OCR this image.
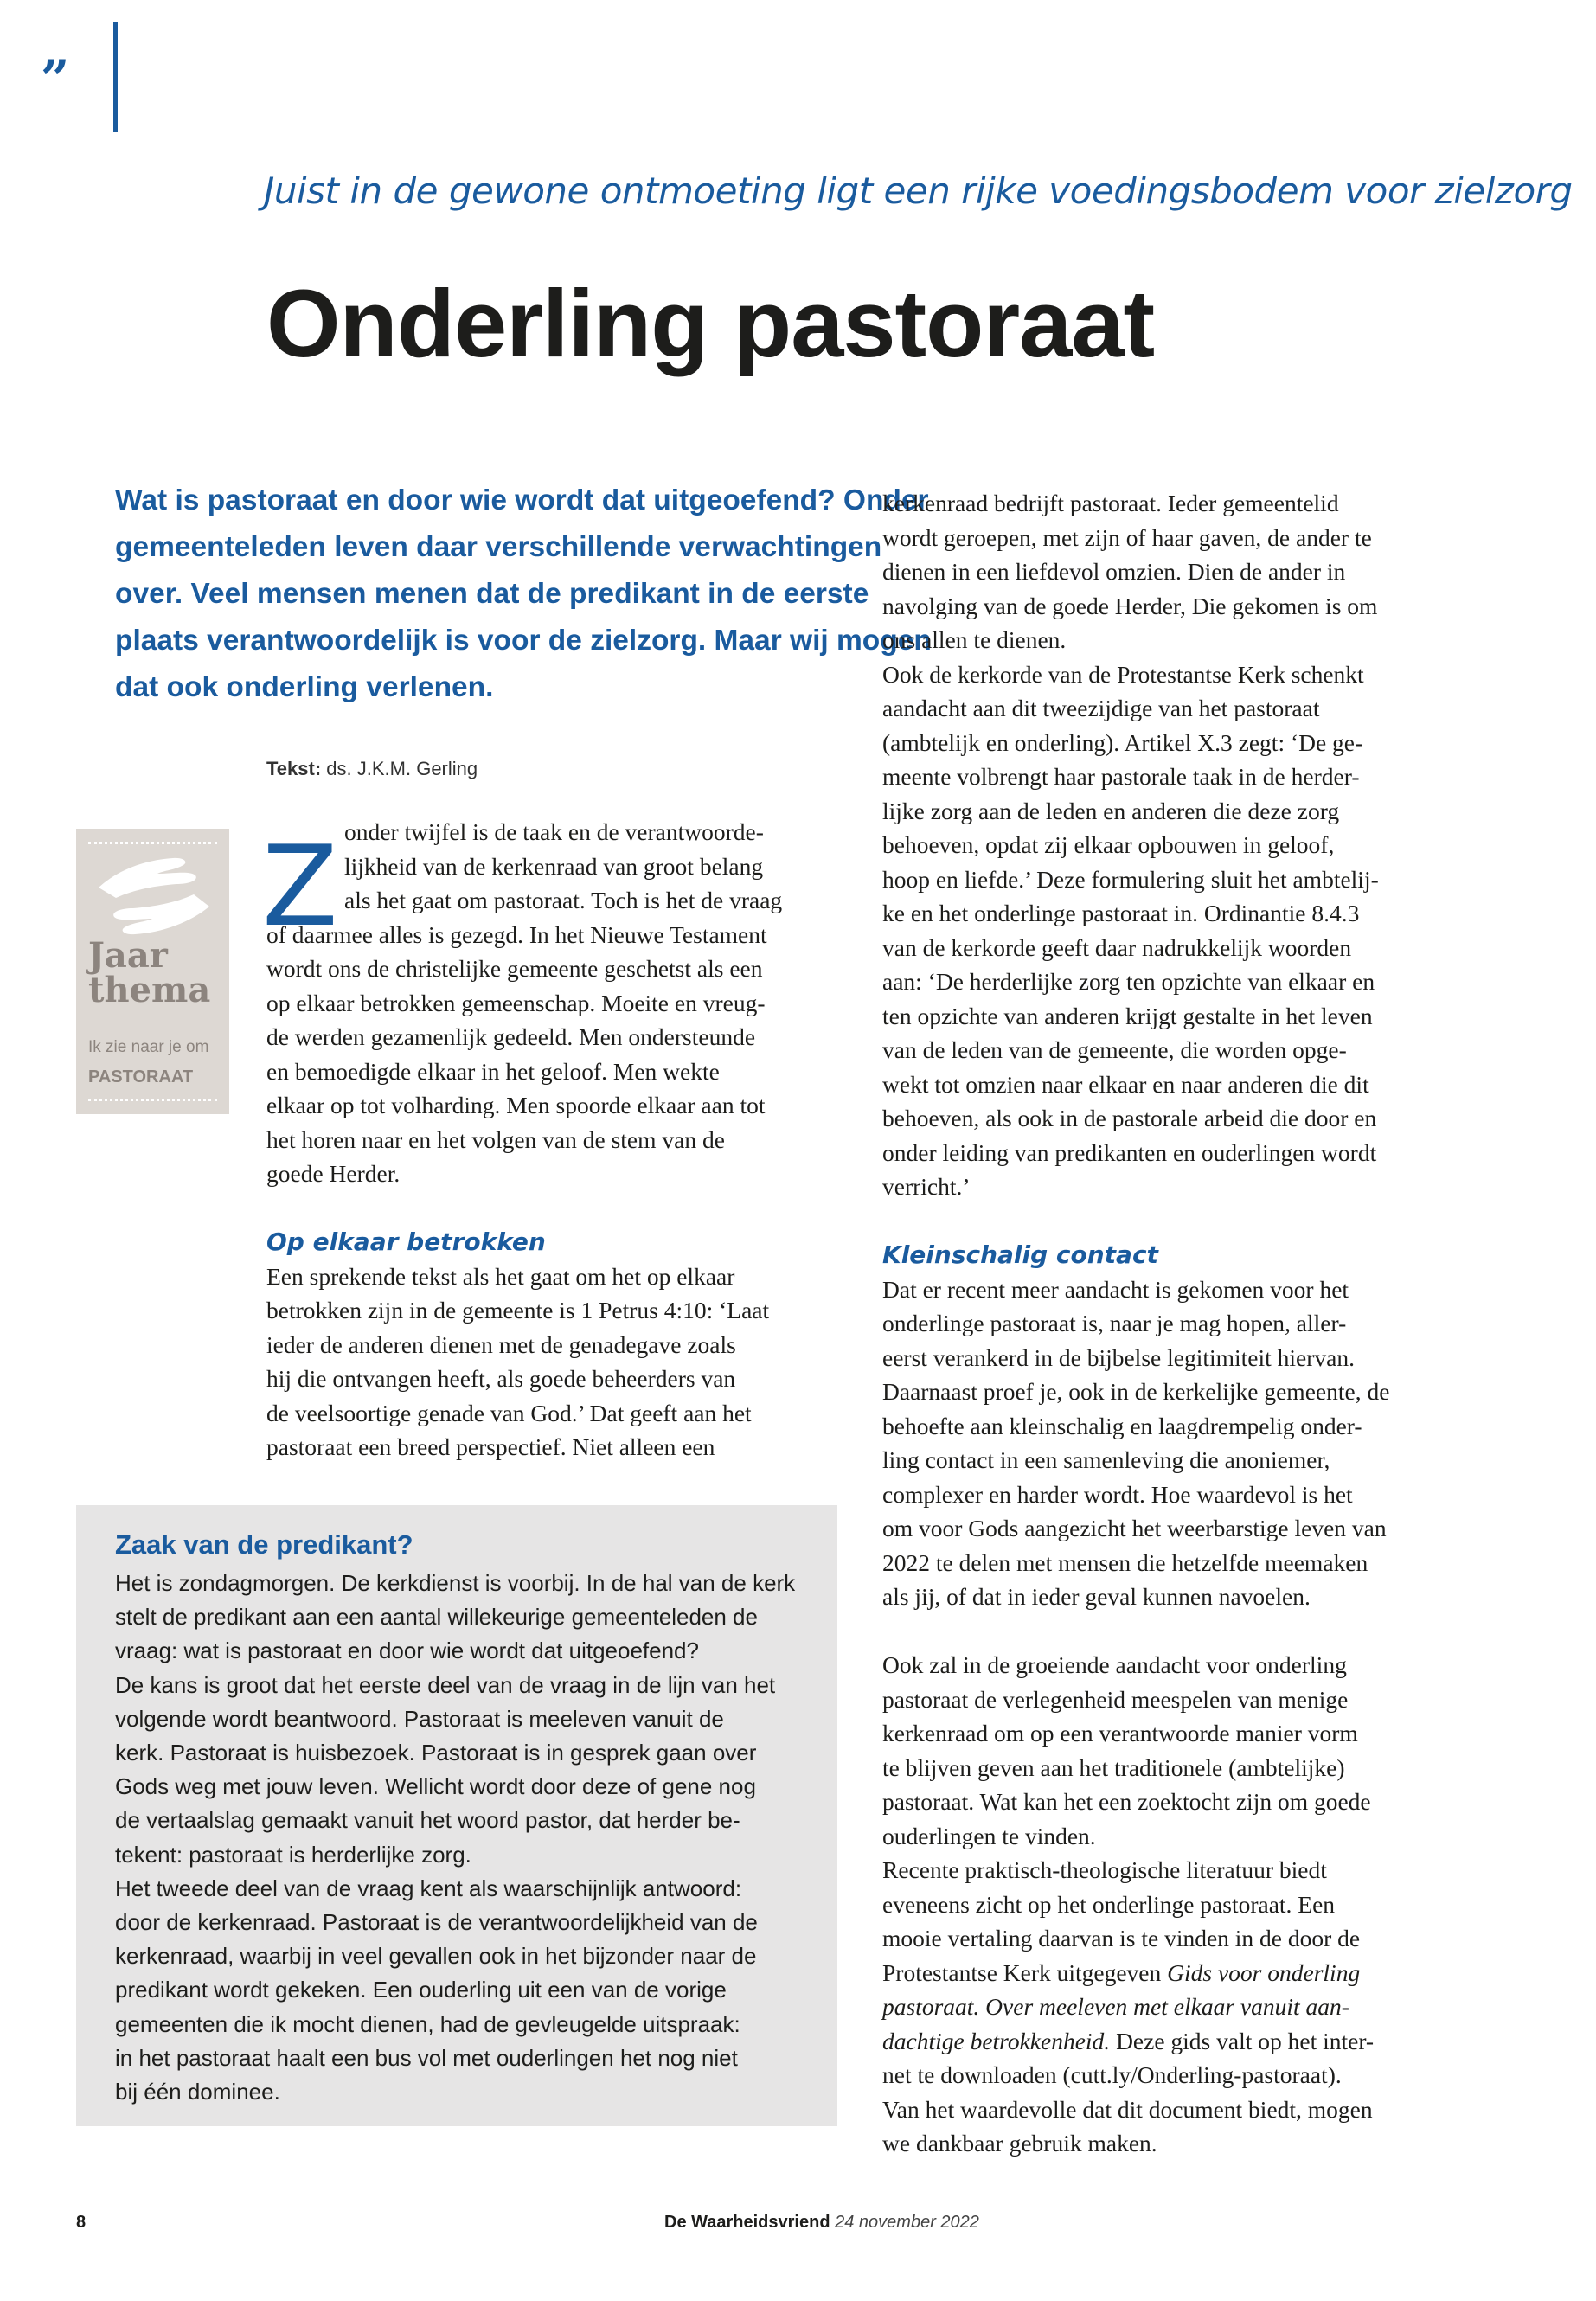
”
Juist in de gewone ontmoeting ligt een rijke voedingsbodem voor zielzorg
Onderling pastoraat
Wat is pastoraat en door wie wordt dat uitgeoefend? Onder
gemeenteleden leven daar verschillende verwachtingen
over. Veel mensen menen dat de predikant in de eerste
plaats verantwoordelijk is voor de zielzorg. Maar wij mogen
dat ook onderling verlenen.
Tekst: ds. J.K.M. Gerling
Jaar
thema
Ik zie naar je om
PASTORAAT
Z onder twijfel is de taak en de verantwoorde-
lijkheid van de kerkenraad van groot belang
als het gaat om pastoraat. Toch is het de vraag
of daarmee alles is gezegd. In het Nieuwe Testament
wordt ons de christelijke gemeente geschetst als een
op elkaar betrokken gemeenschap. Moeite en vreug-
de werden gezamenlijk gedeeld. Men ondersteunde
en bemoedigde elkaar in het geloof. Men wekte
elkaar op tot volharding. Men spoorde elkaar aan tot
het horen naar en het volgen van de stem van de
goede Herder.
Op elkaar betrokken
Een sprekende tekst als het gaat om het op elkaar
betrokken zijn in de gemeente is 1 Petrus 4:10: ‘Laat
ieder de anderen dienen met de genadegave zoals
hij die ontvangen heeft, als goede beheerders van
de veelsoortige genade van God.’ Dat geeft aan het
pastoraat een breed perspectief. Niet alleen een
Zaak van de predikant?
Het is zondagmorgen. De kerkdienst is voorbij. In de hal van de kerk
stelt de predikant aan een aantal willekeurige gemeenteleden de
vraag: wat is pastoraat en door wie wordt dat uitgeoefend?
De kans is groot dat het eerste deel van de vraag in de lijn van het
volgende wordt beantwoord. Pastoraat is meeleven vanuit de
kerk. Pastoraat is huisbezoek. Pastoraat is in gesprek gaan over
Gods weg met jouw leven. Wellicht wordt door deze of gene nog
de vertaalslag gemaakt vanuit het woord pastor, dat herder be-
tekent: pastoraat is herderlijke zorg.
Het tweede deel van de vraag kent als waarschijnlijk antwoord:
door de kerkenraad. Pastoraat is de verantwoordelijkheid van de
kerkenraad, waarbij in veel gevallen ook in het bijzonder naar de
predikant wordt gekeken. Een ouderling uit een van de vorige
gemeenten die ik mocht dienen, had de gevleugelde uitspraak:
in het pastoraat haalt een bus vol met ouderlingen het nog niet
bij één dominee.
kerkenraad bedrijft pastoraat. Ieder gemeentelid
wordt geroepen, met zijn of haar gaven, de ander te
dienen in een liefdevol omzien. Dien de ander in
navolging van de goede Herder, Die gekomen is om
ons allen te dienen.
Ook de kerkorde van de Protestantse Kerk schenkt
aandacht aan dit tweezijdige van het pastoraat
(ambtelijk en onderling). Artikel X.3 zegt: ‘De ge-
meente volbrengt haar pastorale taak in de herder-
lijke zorg aan de leden en anderen die deze zorg
behoeven, opdat zij elkaar opbouwen in geloof,
hoop en liefde.’ Deze formulering sluit het ambtelij-
ke en het onderlinge pastoraat in. Ordinantie 8.4.3
van de kerkorde geeft daar nadrukkelijk woorden
aan: ‘De herderlijke zorg ten opzichte van elkaar en
ten opzichte van anderen krijgt gestalte in het leven
van de leden van de gemeente, die worden opge-
wekt tot omzien naar elkaar en naar anderen die dit
behoeven, als ook in de pastorale arbeid die door en
onder leiding van predikanten en ouderlingen wordt
verricht.’
Kleinschalig contact
Dat er recent meer aandacht is gekomen voor het
onderlinge pastoraat is, naar je mag hopen, aller-
eerst verankerd in de bijbelse legitimiteit hiervan.
Daarnaast proef je, ook in de kerkelijke gemeente, de
behoefte aan kleinschalig en laagdrempelig onder-
ling contact in een samenleving die anoniemer,
complexer en harder wordt. Hoe waardevol is het
om voor Gods aangezicht het weerbarstige leven van
2022 te delen met mensen die hetzelfde meemaken
als jij, of dat in ieder geval kunnen navoelen.
Ook zal in de groeiende aandacht voor onderling
pastoraat de verlegenheid meespelen van menige
kerkenraad om op een verantwoorde manier vorm
te blijven geven aan het traditionele (ambtelijke)
pastoraat. Wat kan het een zoektocht zijn om goede
ouderlingen te vinden.
Recente praktisch-theologische literatuur biedt
eveneens zicht op het onderlinge pastoraat. Een
mooie vertaling daarvan is te vinden in de door de
Protestantse Kerk uitgegeven Gids voor onderling
pastoraat. Over meeleven met elkaar vanuit aan-
dachtige betrokkenheid. Deze gids valt op het inter-
net te downloaden (cutt.ly/Onderling-pastoraat).
Van het waardevolle dat dit document biedt, mogen
we dankbaar gebruik maken.
8	De Waarheidsvriend 24 november 2022
